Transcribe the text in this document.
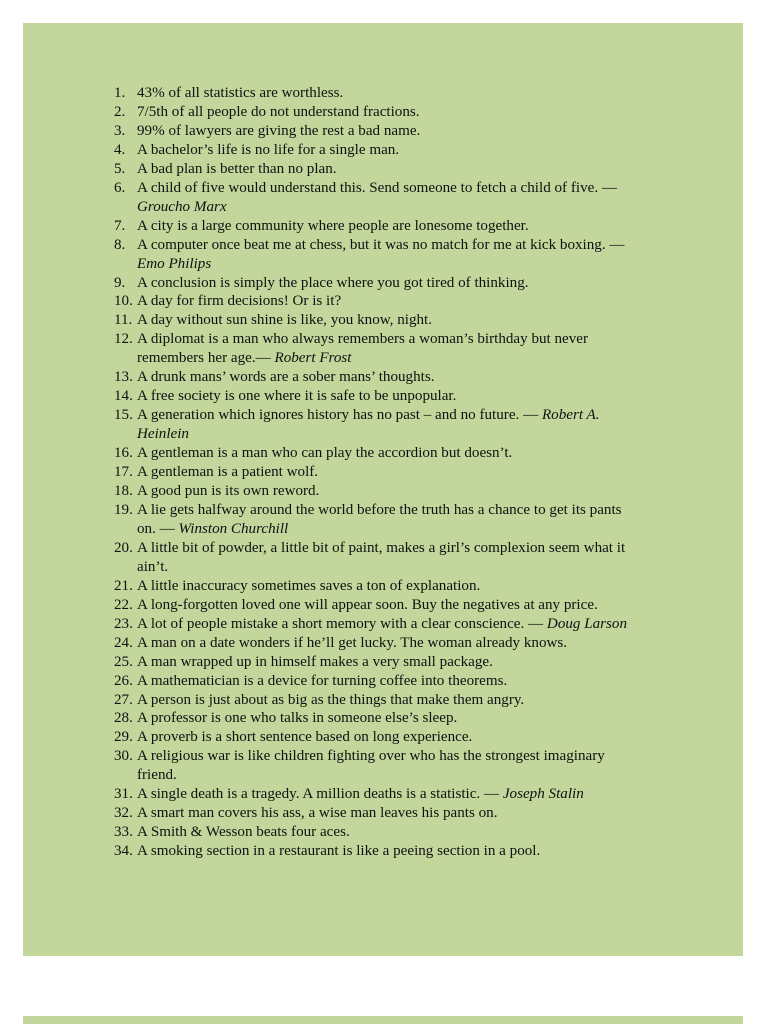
1. 43% of all statistics are worthless.
2. 7/5th of all people do not understand fractions.
3. 99% of lawyers are giving the rest a bad name.
4. A bachelor’s life is no life for a single man.
5. A bad plan is better than no plan.
6. A child of five would understand this. Send someone to fetch a child of five. — Groucho Marx
7. A city is a large community where people are lonesome together.
8. A computer once beat me at chess, but it was no match for me at kick boxing. — Emo Philips
9. A conclusion is simply the place where you got tired of thinking.
10. A day for firm decisions! Or is it?
11. A day without sun shine is like, you know, night.
12. A diplomat is a man who always remembers a woman’s birthday but never remembers her age.— Robert Frost
13. A drunk mans’ words are a sober mans’ thoughts.
14. A free society is one where it is safe to be unpopular.
15. A generation which ignores history has no past – and no future. — Robert A. Heinlein
16. A gentleman is a man who can play the accordion but doesn’t.
17. A gentleman is a patient wolf.
18. A good pun is its own reword.
19. A lie gets halfway around the world before the truth has a chance to get its pants on. — Winston Churchill
20. A little bit of powder, a little bit of paint, makes a girl’s complexion seem what it ain’t.
21. A little inaccuracy sometimes saves a ton of explanation.
22. A long-forgotten loved one will appear soon. Buy the negatives at any price.
23. A lot of people mistake a short memory with a clear conscience. — Doug Larson
24. A man on a date wonders if he’ll get lucky. The woman already knows.
25. A man wrapped up in himself makes a very small package.
26. A mathematician is a device for turning coffee into theorems.
27. A person is just about as big as the things that make them angry.
28. A professor is one who talks in someone else’s sleep.
29. A proverb is a short sentence based on long experience.
30. A religious war is like children fighting over who has the strongest imaginary friend.
31. A single death is a tragedy. A million deaths is a statistic. — Joseph Stalin
32. A smart man covers his ass, a wise man leaves his pants on.
33. A Smith & Wesson beats four aces.
34. A smoking section in a restaurant is like a peeing section in a pool.
